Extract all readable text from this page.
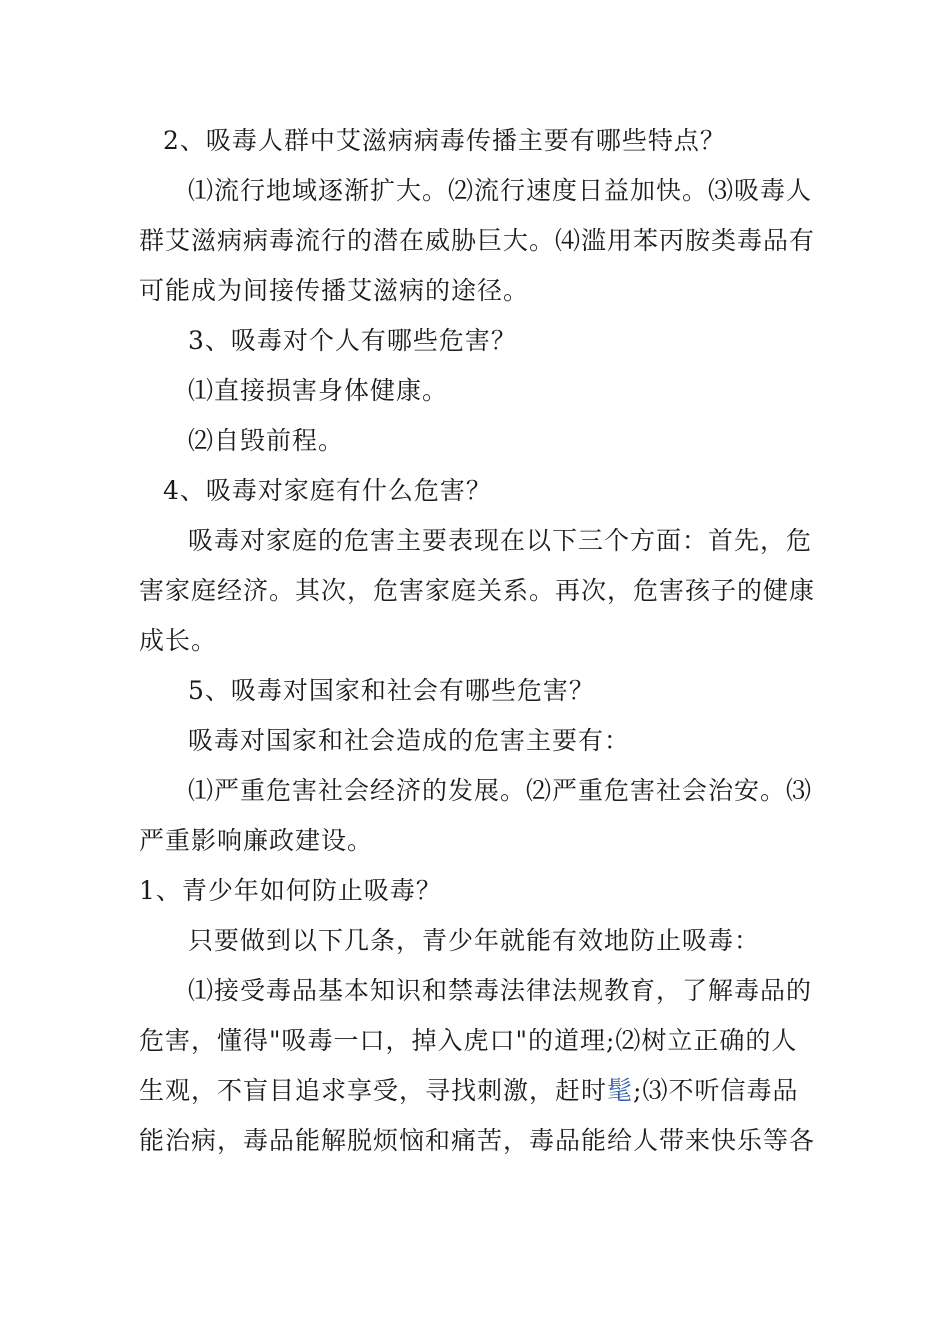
2、吸毒人群中艾滋病病毒传播主要有哪些特点？
⑴流行地域逐渐扩大。⑵流行速度日益加快。⑶吸毒人
群艾滋病病毒流行的潜在威胁巨大。⑷滥用苯丙胺类毒品有
可能成为间接传播艾滋病的途径。
3、吸毒对个人有哪些危害？
⑴直接损害身体健康。
⑵自毁前程。
4、吸毒对家庭有什么危害？
吸毒对家庭的危害主要表现在以下三个方面：首先，危
害家庭经济。其次，危害家庭关系。再次，危害孩子的健康
成长。
5、吸毒对国家和社会有哪些危害？
吸毒对国家和社会造成的危害主要有：
⑴严重危害社会经济的发展。⑵严重危害社会治安。⑶
严重影响廉政建设。
1、青少年如何防止吸毒？
只要做到以下几条，青少年就能有效地防止吸毒：
⑴接受毒品基本知识和禁毒法律法规教育，了解毒品的
危害，懂得"吸毒一口，掉入虎口"的道理;⑵树立正确的人
生观，不盲目追求享受，寻找刺激，赶时髦;⑶不听信毒品
能治病，毒品能解脱烦恼和痛苦，毒品能给人带来快乐等各
